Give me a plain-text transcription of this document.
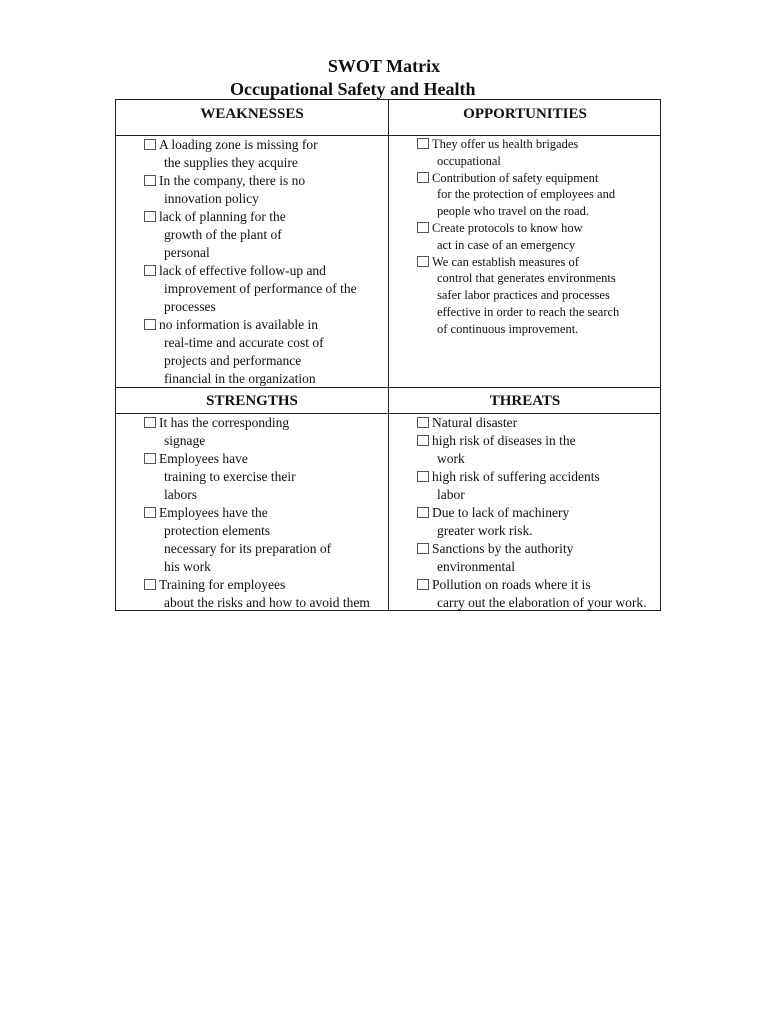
SWOT Matrix
Occupational Safety and Health
WEAKNESSES	OPPORTUNITIES
STRENGTHS	THREATS
A loading zone is missing for
the supplies they acquire
In the company, there is no
innovation policy
lack of planning for the
growth of the plant of
personal
lack of effective follow-up and
improvement of performance of the
processes
no information is available in
real-time and accurate cost of
projects and performance
financial in the organization
They offer us health brigades
occupational
Contribution of safety equipment
for the protection of employees and
people who travel on the road.
Create protocols to know how
act in case of an emergency
We can establish measures of
control that generates environments
safer labor practices and processes
effective in order to reach the search
of continuous improvement.
It has the corresponding
signage
Employees have
training to exercise their
labors
Employees have the
protection elements
necessary for its preparation of
his work
Training for employees
about the risks and how to avoid them
Natural disaster
high risk of diseases in the
work
high risk of suffering accidents
labor
Due to lack of machinery
greater work risk.
Sanctions by the authority
environmental
Pollution on roads where it is
carry out the elaboration of your work.
